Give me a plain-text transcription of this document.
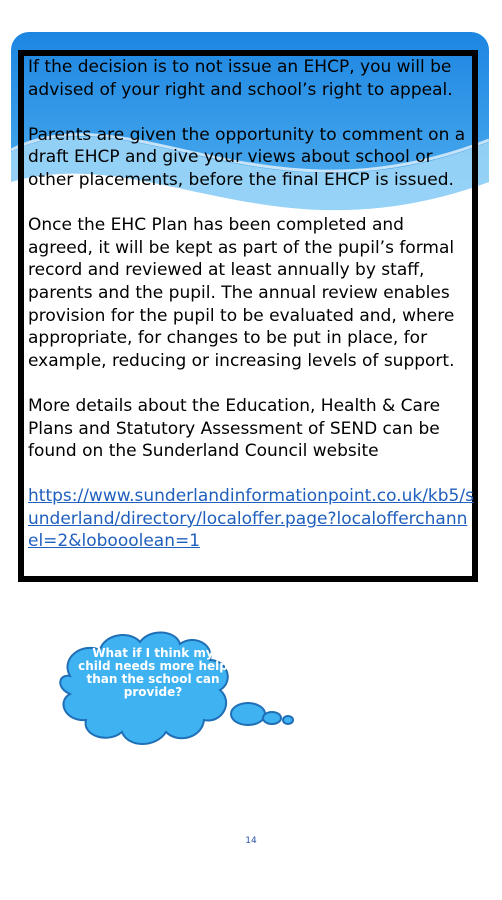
If the decision is to not issue an EHCP, you will be advised of your right and school’s right to appeal.

Parents are given the opportunity to comment on a draft EHCP and give your views about school or other placements, before the final EHCP is issued.

Once the EHC Plan has been completed and agreed, it will be kept as part of the pupil’s formal record and reviewed at least annually by staff, parents and the pupil. The annual review enables provision for the pupil to be evaluated and, where appropriate, for changes to be put in place, for example, reducing or increasing levels of support.

More details about the Education, Health & Care Plans and Statutory Assessment of SEND can be found on the Sunderland Council website

https://www.sunderlandinformationpoint.co.uk/kb5/sunderland/directory/localoffer.page?localofferchannel=2&lobooolean=1

What if I think my child needs more help than the school can provide?
14
